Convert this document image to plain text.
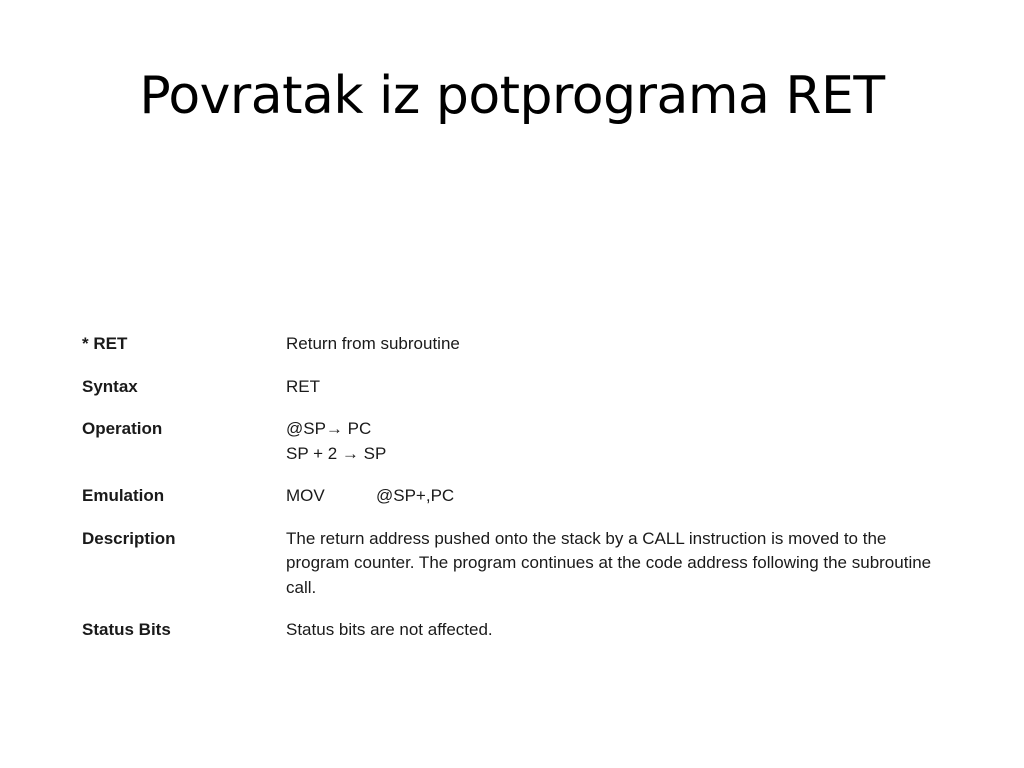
Povratak iz potprograma RET
* RET	Return from subroutine
Syntax	RET
Operation	@SP→ PC
SP + 2 → SP
Emulation	MOV	@SP+,PC
Description	The return address pushed onto the stack by a CALL instruction is moved to the program counter. The program continues at the code address following the subroutine call.
Status Bits	Status bits are not affected.
